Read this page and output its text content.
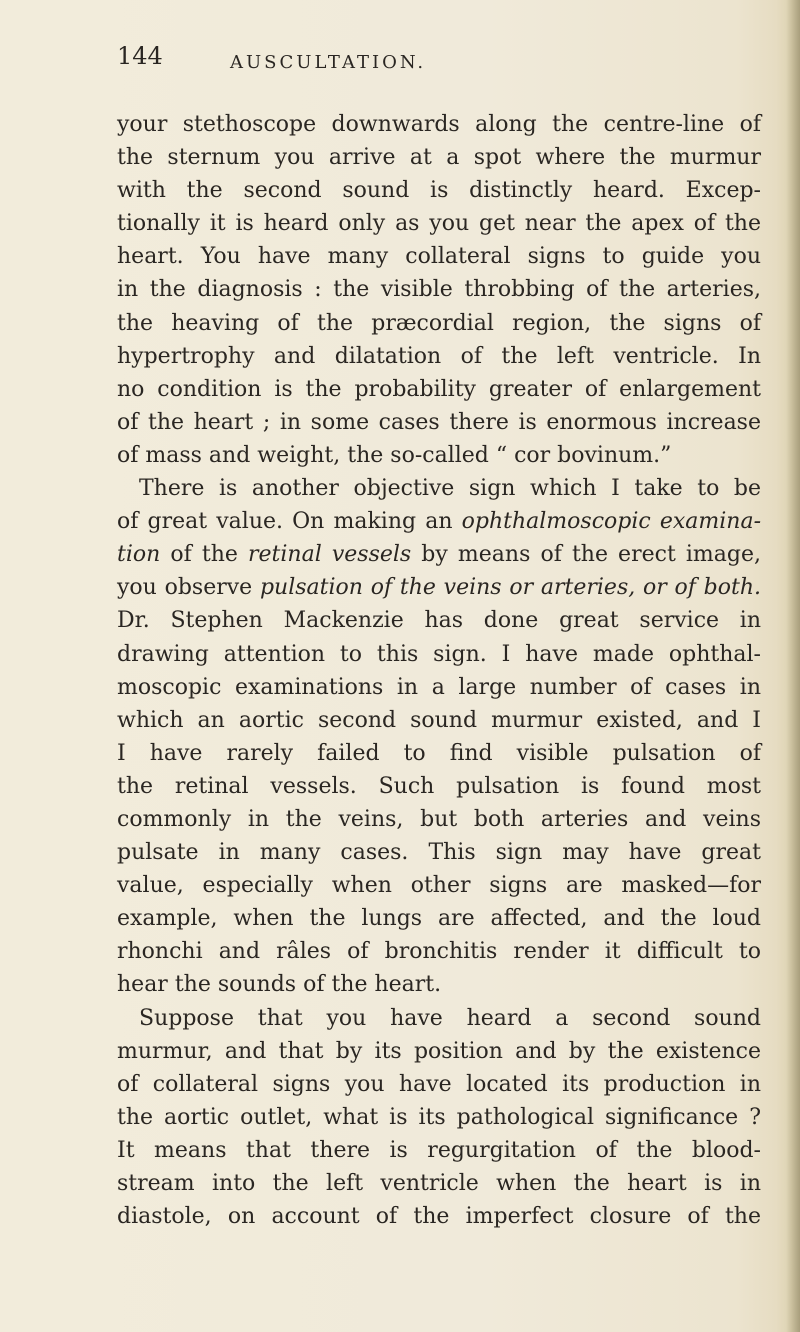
144	AUSCULTATION.
your stethoscope downwards along the centre-line of
the sternum you arrive at a spot where the murmur
with the second sound is distinctly heard. Excep-
tionally it is heard only as you get near the apex of the
heart. You have many collateral signs to guide you
in the diagnosis : the visible throbbing of the arteries,
the heaving of the præcordial region, the signs of
hypertrophy and dilatation of the left ventricle. In
no condition is the probability greater of enlargement
of the heart ; in some cases there is enormous increase
of mass and weight, the so-called “ cor bovinum.”
There is another objective sign which I take to be
of great value. On making an ophthalmoscopic examina-
tion of the retinal vessels by means of the erect image,
you observe pulsation of the veins or arteries, or of both.
Dr. Stephen Mackenzie has done great service in
drawing attention to this sign. I have made ophthal-
moscopic examinations in a large number of cases in
which an aortic second sound murmur existed, and I
I have rarely failed to find visible pulsation of
the retinal vessels. Such pulsation is found most
commonly in the veins, but both arteries and veins
pulsate in many cases. This sign may have great
value, especially when other signs are masked—for
example, when the lungs are affected, and the loud
rhonchi and râles of bronchitis render it difficult to
hear the sounds of the heart.
Suppose that you have heard a second sound
murmur, and that by its position and by the existence
of collateral signs you have located its production in
the aortic outlet, what is its pathological significance ?
It means that there is regurgitation of the blood-
stream into the left ventricle when the heart is in
diastole, on account of the imperfect closure of the
